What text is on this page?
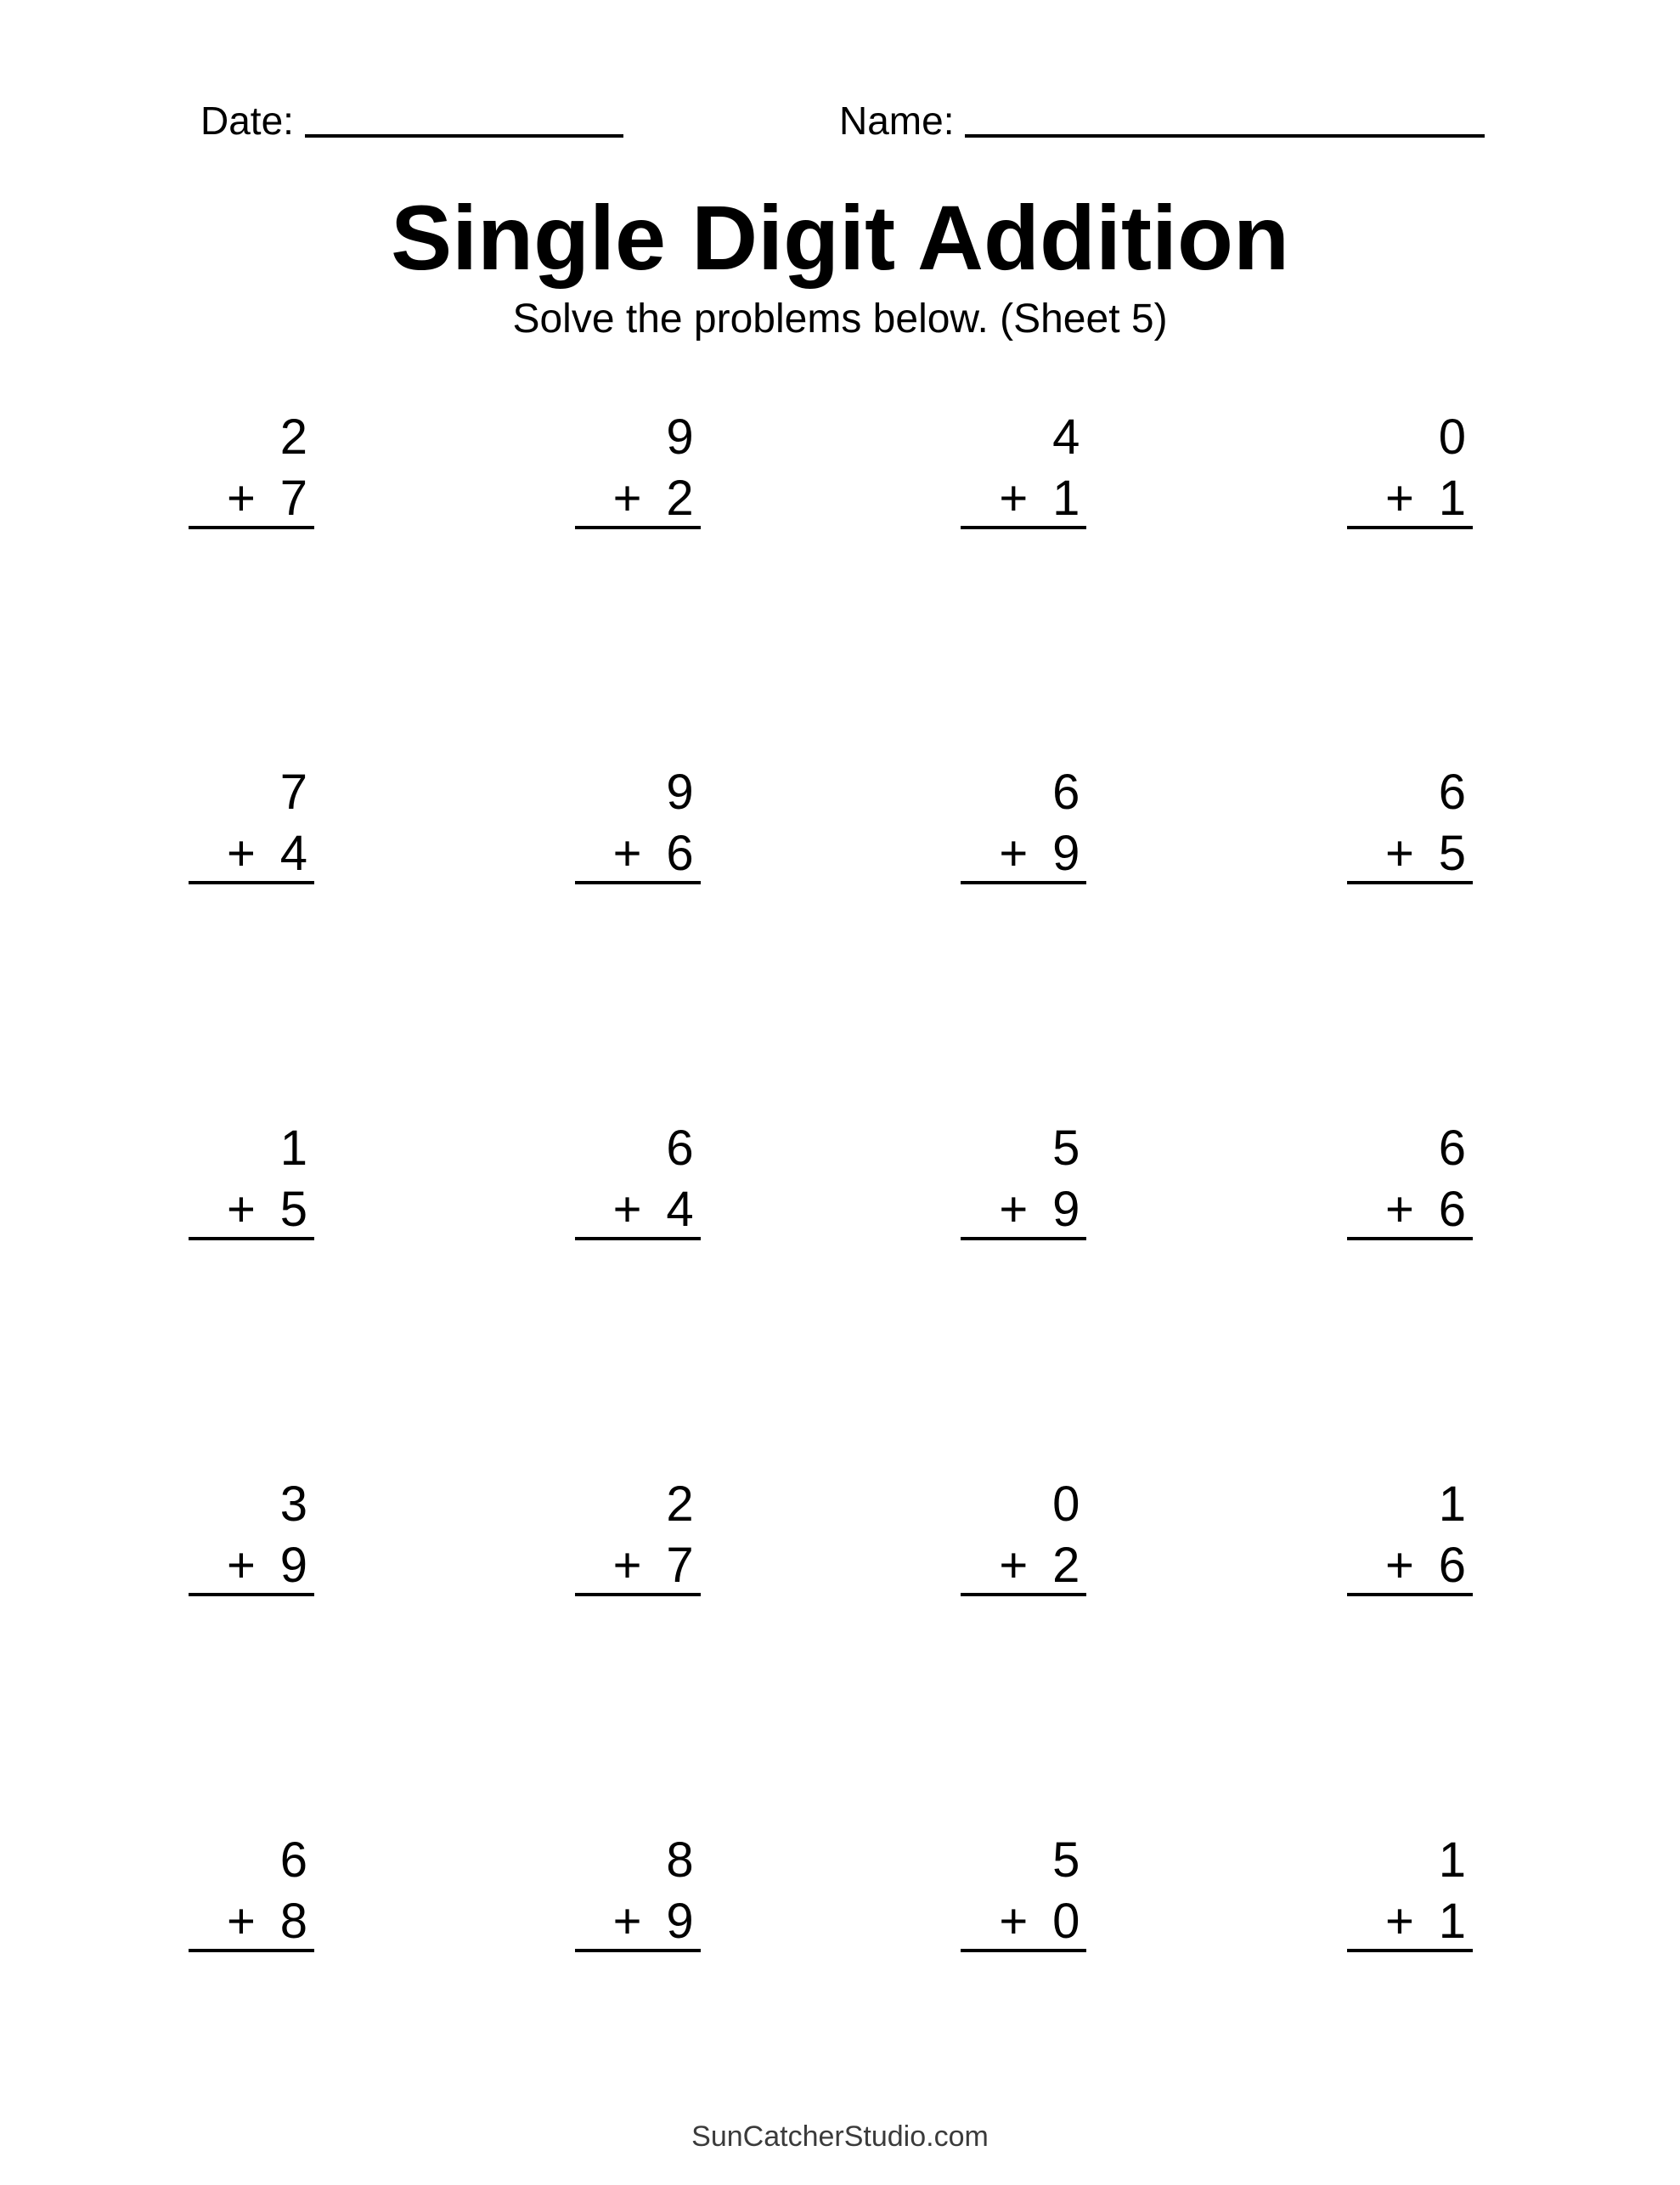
Date:	Name:
Single Digit Addition
Solve the problems below. (Sheet 5)
2
+ 7
9
+ 2
4
+ 1
0
+ 1
7
+ 4
9
+ 6
6
+ 9
6
+ 5
1
+ 5
6
+ 4
5
+ 9
6
+ 6
3
+ 9
2
+ 7
0
+ 2
1
+ 6
6
+ 8
8
+ 9
5
+ 0
1
+ 1
SunCatcherStudio.com
